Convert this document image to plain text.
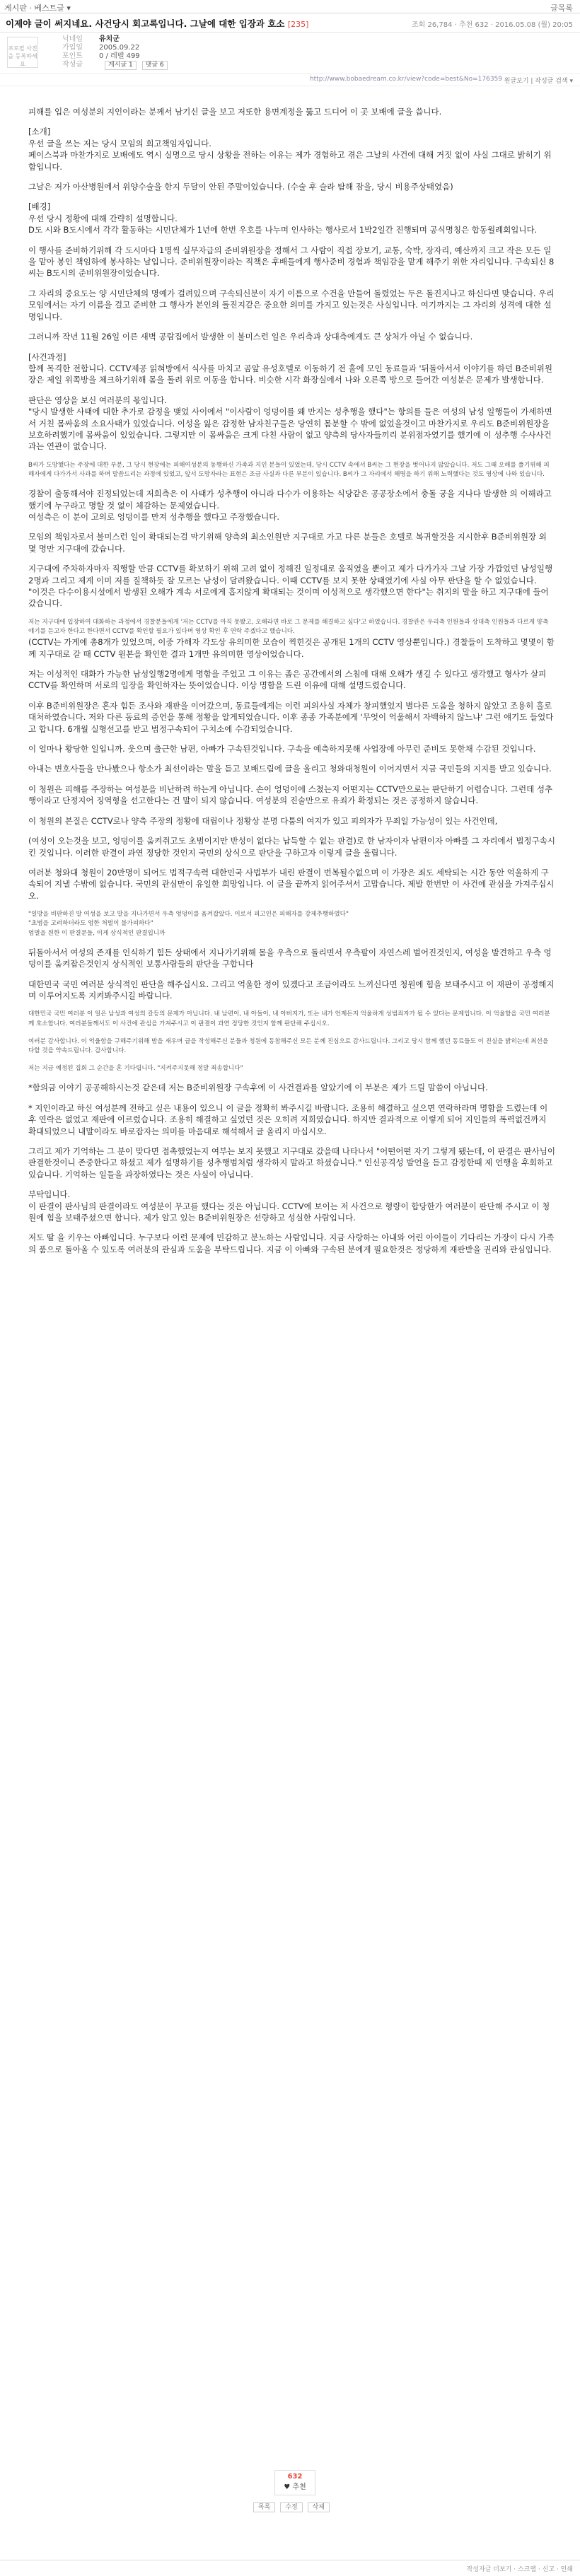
게시판 · 베스트글 ▾	글목록
이제야 글이 써지네요. 사건당시 회고록입니다. 그날에 대한 입장과 호소 [235]	조회 26,784 · 추천 632 · 2016.05.08 (월) 20:05
프로필 사진을 등록하세요
닉네임 유치군
가입일 2005.09.22
포인트 0 / 레벨 499
작성글	게시글 1 댓글 6
http://www.bobaedream.co.kr/view?code=best&No=176359 원글보기 | 작성글 검색 ▾

피해를 입은 여성분의 지인이라는 분께서 남기신 글을 보고 저또한 용면계정을 뚫고 드디어 이 곳 보배에 글을 씁니다.

[소개]

우선 글을 쓰는 저는 당시 모임의 회고책임자입니다.

페이스북과 마찬가지로 보배에도 역시 실명으로 당시 상황을 전하는 이유는 제가 경험하고 겪은 그날의 사건에 대해 거짓 없이 사실 그대로 밝히기 위함입니다.

그날은 저가 아산병원에서 위양수술을 한지 두달이 안된 주말이었습니다. (수술 후 슬라 탐해 잠을, 당시 비용주상태였음)

[배경]

우선 당시 정황에 대해 간략히 설명합니다.

D도 시와 B도시에서 각각 활동하는 시민단체가 1년에 한번 우호를 나누며 인사하는 행사로서 1박2일간 진행되며 공식명칭은 합동월례회입니다.

이 행사를 준비하기위해 각 도시마다 1명씩 실무자급의 준비위원장을 정해서 그 사람이 직접 장보기, 교통, 숙박, 장자리, 예산까지 크고 작은 모든 일을 맡아 봉인 책임하에 봉사하는 날입니다. 준비위원장이라는 직책은 후배들에게 행사준비 경험과 책임감을 맡게 해주기 위한 자리입니다. 구속되신 8씨는 B도시의 준비위원장이었습니다.

그 자리의 중요도는 양 시민단체의 명예가 걸려있으며 구속되신분이 자기 이름으로 수건을 만들어 돌렸었는 두은 돌진지나고 하신다면 맞습니다. 우리 모임에서는 자기 이름을 걸고 준비한 그 행사가 본인의 돌진지같은 중요한 의미를 가지고 있는것은 사실입니다. 여기까지는 그 자리의 성격에 대한 설명입니다.

그러니까 작년 11월 26일 이른 새벽 공람집에서 발생한 이 불미스런 일은 우리측과 상대측에게도 큰 상처가 아닐 수 없습니다.

[사건과정]

함께 목격한 전합니다. CCTV제공 읽혀방에서 식사를 마치고 곰앞 유성호텔로 이동하기 전 홀에 모인 동료들과 '뒤돌아서서 이야기를 하던 B준비위원장은 제일 위쪽방을 체크하기위해 몸을 돌려 위로 이동을 합니다. 비슷한 시각 화장실에서 나와 오른쪽 방으로 들어간 여성분은 문제가 발생합니다.

판단은 영상을 보신 여러분의 몫입니다.

"당시 발생한 사태에 대한 추가로 감정을 맺었 사이에서 "이사람이 엉덩이를 왜 만지는 성추행을 했다"는 항의를 들은 여성의 남성 일행들이 가세하면서 거친 몸싸움의 소요사태가 있었습니다. 이성을 잃은 감정한 남자친구들은 당연히 몸분할 수 밖에 없었을것이고 마찬가지로 우리도 B준비위원장을 보호하려했기에 몸싸움이 있었습니다. 그렇지만 이 몸싸움은 크게 다친 사람이 없고 양측의 당사자들끼리 분위점자였기를 했기에 이 성추행 수사사건과는 연관이 없습니다.

B씨가 도망했다는 주장에 대한 부분, 그 당시 현장에는 피해여성분의 동행하신 가족과 지인 분들이 있었는데, 당시 CCTV 속에서 B씨는 그 현장을 벗어나지 않았습니다. 저도 그때 오해를 풀기위해 피해자에게 다가가서 사과를 하며 말씀드리는 과정에 있었고, 앞서 도망자라는 표현은 조금 사실과 다른 부분이 있습니다. B씨가 그 자리에서 해명을 하기 위해 노력했다는 것도 영상에 나와 있습니다.

경찰이 출동해서야 진정되었는데 저희측은 이 사태가 성추행이 아니라 다수가 이용하는 식당같은 공공장소에서 충돌 궁을 지나다 발생한 의 이해라고 했기에 누구라고 명할 것 없이 체감하는 문제였습니다.

여성측은 이 분이 고의로 엉덩이를 만져 성추행을 했다고 주장했습니다.

모임의 책임자로서 불미스런 일이 확대되는걸 막기위해 양측의 최소인원만 지구대로 가고 다른 분들은 호텔로 복귀할것을 지시한후 B준비위원장 외 몇 명만 지구대에 갔습니다.

지구대에 주차하자마자 직행할 만큼 CCTV를 확보하기 위해 고려 없이 정해진 일정대로 움직였을 뿐이고 제가 다가가자 그날 가장 가깝었던 남성일행 2명과 그리고 제게 이미 저를 질책하듯 잘 모르는 남성이 달려왔습니다. 이때 CCTV를 보지 못한 상태였기에 사실 아무 판단을 할 수 없었습니다.

"이것은 다수이용시설에서 발생된 오해가 계속 서로에게 흡지않게 확대되는 것이며 이성적으로 생각했으면 한다"는 취지의 말을 하고 지구대에 들어갔습니다.

저는 지구대에 입장하여 대화하는 과정에서 경찰분들에게 '저는 CCTV를 아직 못봤고, 오해라면 바로 그 문제를 해결하고 싶다'고 하였습니다. 경찰관은 우리측 인원들과 상대측 인원들과 다르게 양측 얘기를 듣고자 한다고 한다면서 CCTV를 확인할 필요가 있다며 영상 확인 후 연락 주겠다고 했습니다.

(CCTV는 가게에 총8개가 있었으며, 이중 가해자 각도상 유의미한 모습이 찍힌것은 공개된 1개의 CCTV 영상뿐입니다.) 경찰들이 도착하고 몇몇이 함께 지구대로 갈 때 CCTV 원본을 확인한 결과 1개만 유의미한 영상이었습니다.

저는 이성적인 대화가 가능한 남성일행2명에게 명함을 주었고 그 이유는 좁은 공간에서의 스침에 대해 오해가 생길 수 있다고 생각했고 형사가 살피 CCTV를 확인하며 서로의 입장을 확인하자는 뜻이었습니다. 이상 명함을 드린 이유에 대해 설명드렸습니다.

이후 B준비위원장은 혼자 힘든 조사와 재판을 이어갔으며, 동료들에게는 이런 피의사실 자체가 창피했었지 별다른 도움을 청하지 않았고 조용히 홀로 대처하였습니다. 저와 다른 동료의 증언을 통해 정황을 알게되었습니다. 이후 종종 가족분에게 '무엇이 억울해서 자백하지 않느냐' 그런 얘기도 들었다고 합니다. 6개월 실형선고를 받고 법정구속되어 구치소에 수감되었습니다.

이 얼마나 황당한 일입니까. 웃으며 출근한 남편, 아빠가 구속된것입니다. 구속을 예측하지못해 사업장에 아무런 준비도 못한채 수감된 것입니다.

아내는 변호사들을 만나봤으나 항소가 최선이라는 말을 듣고 보배드림에 글을 올리고 청와대청원이 이어지면서 지금 국민들의 지지를 받고 있습니다.

이 청원은 피해를 주장하는 여성분을 비난하려 하는게 아닙니다. 손이 엉덩이에 스쳤는지 어떤지는 CCTV만으로는 판단하기 어렵습니다. 그런데 성추행이라고 단정지어 징역형을 선고한다는 건 말이 되지 않습니다. 여성분의 진술만으로 유죄가 확정되는 것은 공정하지 않습니다.

이 청원의 본질은 CCTV로나 양측 주장의 정황에 대립이나 정황상 분명 다툼의 여지가 있고 피의자가 무죄일 가능성이 있는 사건인데,

(여성이 오는것을 보고, 엉덩이를 움켜쥐고도 초범이지만 반성이 없다는 납득할 수 없는 판결)로 한 남자이자 남편이자 아빠를 그 자리에서 법정구속시킨 것입니다. 이러한 판결이 과연 정당한 것인지 국민의 상식으로 판단을 구하고자 이렇게 글을 올립니다.

여러분 청와대 청원이 20만명이 되어도 법적구속력 대한민국 사법부가 내린 판결이 번복될수없으며 이 가장은 죄도 세탁되는 시간 동안 억울하게 구속되어 지낼 수밖에 없습니다. 국민의 관심만이 유일한 희망입니다. 이 글을 끝까지 읽어주셔서 고맙습니다. 제발 한번만 이 사건에 관심을 가져주십시오.

"일방을 비판하진 말 여성을 보고 말을 지나가면서 우측 엉덩이를 움켜잡았다. 이로서 피고인은 피해자를 강제추행하였다"

"초범을 고려하더라도 엄한 처벌이 불가피하다"

엄벌을 원한 이 판결문들, 이게 상식적인 판결입니까

뒤돌아서서 여성의 존재를 인식하기 힘든 상태에서 지나가기위해 몸을 우측으로 돌리면서 우측팔이 자연스레 벌어진것인지, 여성을 발견하고 우측 엉덩이를 움켜잡은것인지 상식적인 보통사람들의 판단을 구합니다

대한민국 국민 여러분 상식적인 판단을 해주십시요. 그리고 억울한 정이 있겠다고 조금이라도 느끼신다면 청원에 힘을 보태주시고 이 재판이 공정해지며 이루어지도록 지켜봐주시길 바랍니다.

대한민국 국민 여러분 이 일은 남성과 여성의 갈등의 문제가 아닙니다. 내 남편이, 내 아들이, 내 아버지가, 또는 내가 언제든지 억울하게 성범죄자가 될 수 있다는 문제입니다. 이 억울함을 국민 여러분께 호소합니다. 여러분들께서도 이 사건에 관심을 가져주시고 이 판결이 과연 정당한 것인지 함께 판단해 주십시오.

여러분 감사합니다. 이 억울함을 구해주기위해 밤을 새우며 글을 작성해주신 분들과 청원에 동참해주신 모든 분께 진심으로 감사드립니다. 그리고 당시 함께 했던 동료들도 이 진실을 밝히는데 최선을 다할 것을 약속드립니다. 감사합니다.

저는 지금 예정된 집회 그 순간을 혼 기다립니다. "지켜주지못해 정말 죄송합니다"

*합의금 이야기 공공해하시는것 같은데 저는 B준비위원장 구속후에 이 사건결과를 알았기에 이 부분은 제가 드릴 말씀이 아닙니다.

* 지인이라고 하신 여성분께 전하고 싶은 내용이 있으니 이 글을 정확히 봐주시길 바랍니다. 조용히 해결하고 싶으면 연락하라며 명함을 드렸는데 이후 연락은 없었고 재판에 이르렀습니다. 조용히 해결하고 싶었던 것은 오히려 저희였습니다. 하지만 결과적으로 이렇게 되어 지인들의 폭력없건까지 확대되었으니 내말이라도 바로잡자는 의미를 마음대로 해석해서 글 올리지 마십시오.

그리고 제가 기억하는 그 분이 맞다면 접촉했었는지 여부는 보지 못했고 지구대로 갔을때 나타나서 "어떤어떤 자기 그렇게 됐는데, 이 판결은 판사님이 판결한것이니 존중한다고 하셨고 제가 설명하기를 성추행범처럼 생각하지 말라고 하셨습니다." 인신공격성 발언을 듣고 감정한때 제 언행을 후회하고 있습니다. 기억하는 일들을 과장하였다는 것은 사실이 아닙니다.

부탁입니다.

이 판결이 판사님의 판결이라도 여성분이 무고를 했다는 것은 아닙니다. CCTV에 보이는 저 사건으로 형량이 합당한가 여러분이 판단해 주시고 이 청원에 힘을 보태주셨으면 합니다. 제가 알고 있는 B준비위원장은 선량하고 성실한 사람입니다.

저도 딸 을 키우는 아빠입니다. 누구보다 이런 문제에 민감하고 분노하는 사람입니다. 지금 사랑하는 아내와 어린 아이들이 기다리는 가장이 다시 가족의 품으로 돌아올 수 있도록 여러분의 관심과 도움을 부탁드립니다. 지금 이 아빠와 구속된 분에게 필요한것은 정당하게 재판받을 권리와 관심입니다.

632
♥ 추천
목록 수정 삭제
작성자글 더보기 · 스크랩 · 신고 · 인쇄
